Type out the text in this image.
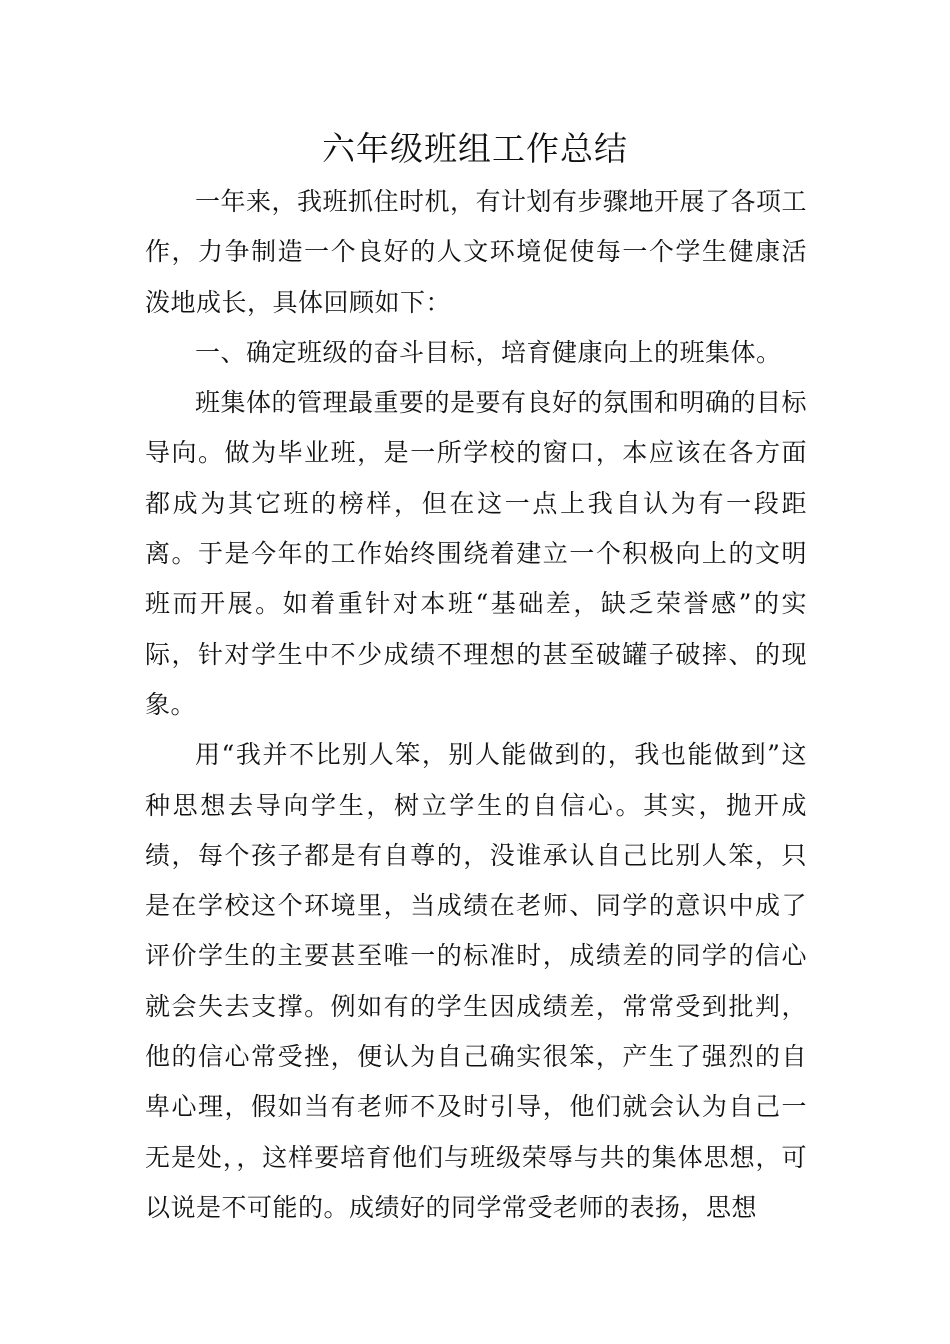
六年级班组工作总结

一年来，我班抓住时机，有计划有步骤地开展了各项工作，力争制造一个良好的人文环境促使每一个学生健康活泼地成长，具体回顾如下：

一、确定班级的奋斗目标，培育健康向上的班集体。

班集体的管理最重要的是要有良好的氛围和明确的目标导向。做为毕业班，是一所学校的窗口，本应该在各方面都成为其它班的榜样，但在这一点上我自认为有一段距离。于是今年的工作始终围绕着建立一个积极向上的文明班而开展。如着重针对本班“基础差，缺乏荣誉感”的实际，针对学生中不少成绩不理想的甚至破罐子破摔、的现象。

用“我并不比别人笨，别人能做到的，我也能做到”这种思想去导向学生，树立学生的自信心。其实，抛开成绩，每个孩子都是有自尊的，没谁承认自己比别人笨，只是在学校这个环境里，当成绩在老师、同学的意识中成了评价学生的主要甚至唯一的标准时，成绩差的同学的信心就会失去支撑。例如有的学生因成绩差，常常受到批判，他的信心常受挫，便认为自己确实很笨，产生了强烈的自卑心理，假如当有老师不及时引导，他们就会认为自己一无是处，，这样要培育他们与班级荣辱与共的集体思想，可以说是不可能的。成绩好的同学常受老师的表扬，思想
